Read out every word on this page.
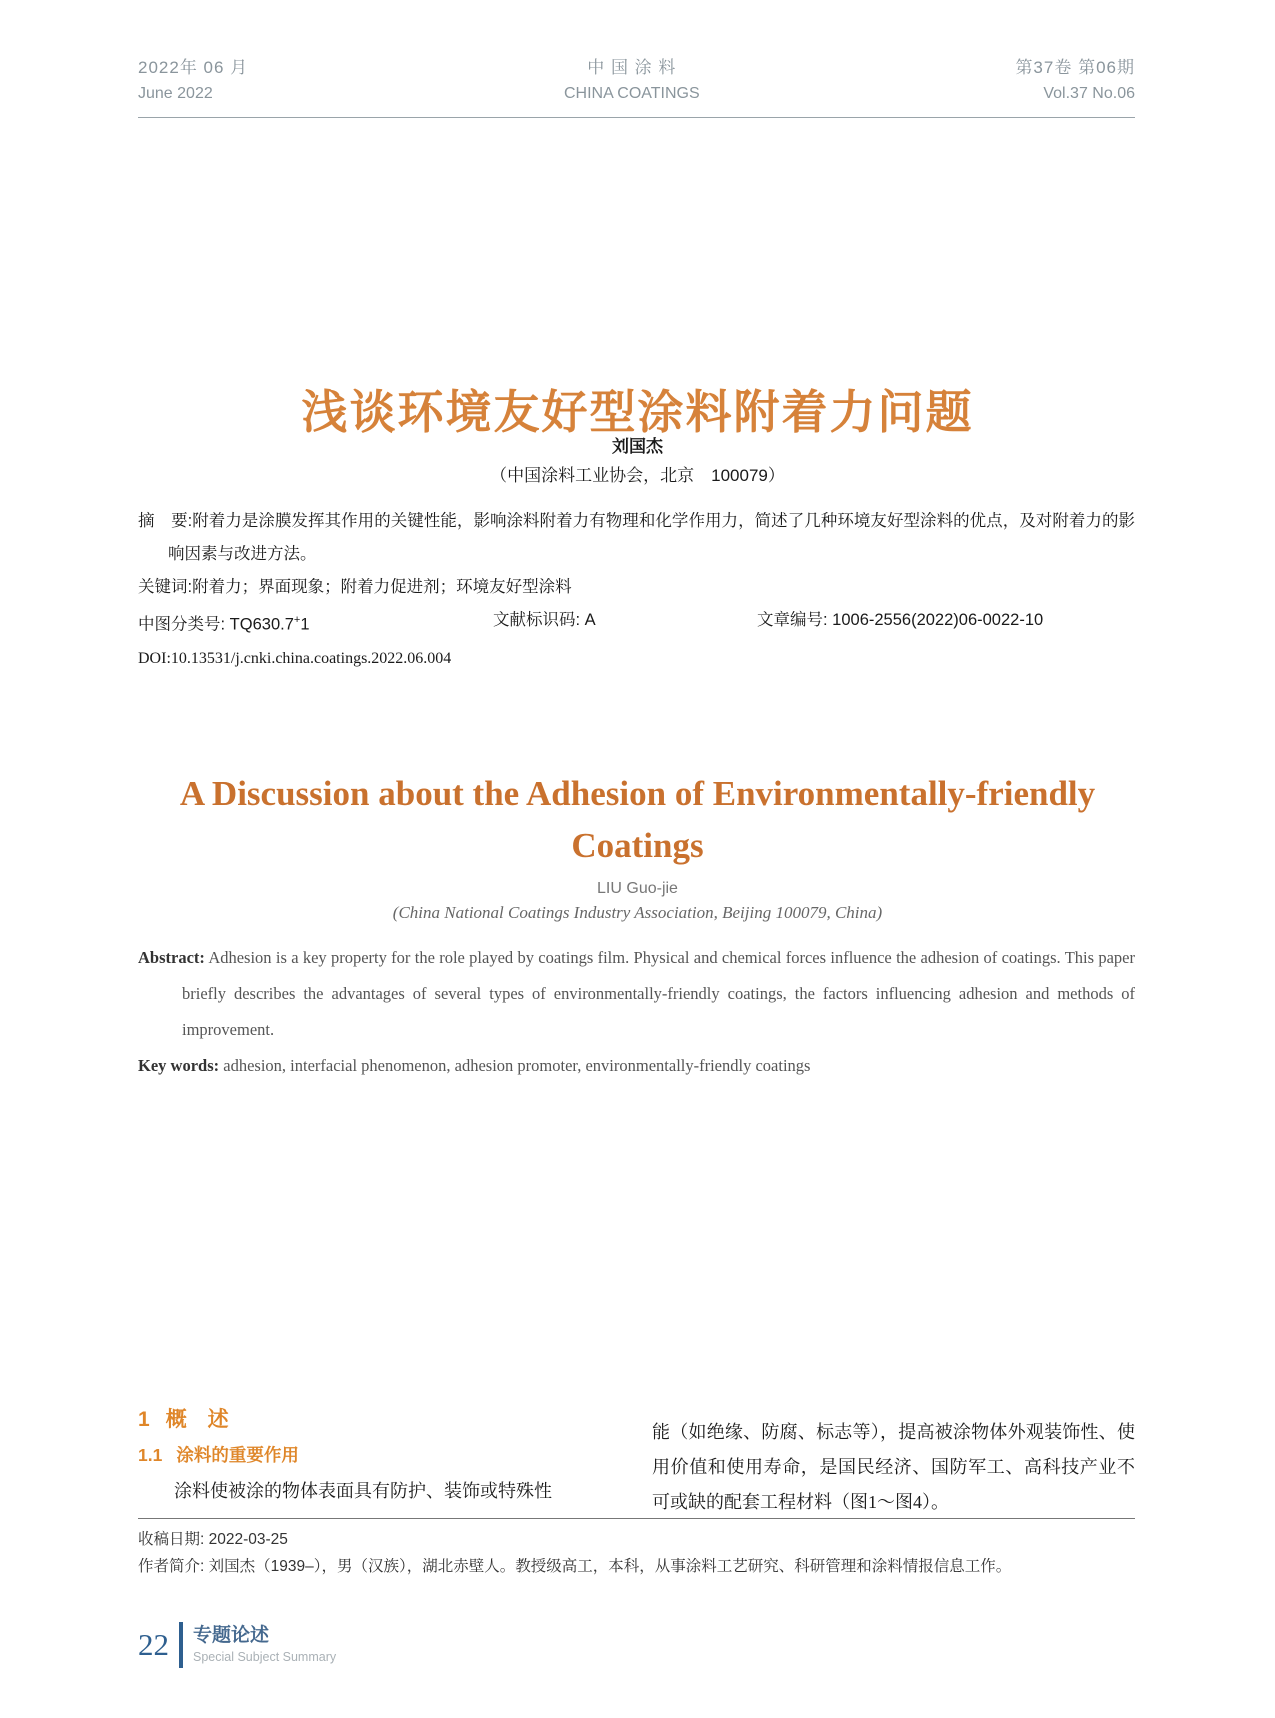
2022年 06 月
June 2022
中 国 涂 料
CHINA COATINGS
第37卷 第06期
Vol.37 No.06
浅谈环境友好型涂料附着力问题
刘国杰
（中国涂料工业协会，北京　100079）

摘　要:附着力是涂膜发挥其作用的关键性能，影响涂料附着力有物理和化学作用力，简述了几种环境友好型涂料的优点，及对附着力的影响因素与改进方法。

关键词:附着力；界面现象；附着力促进剂；环境友好型涂料

中图分类号: TQ630.7+1	文献标识码: A	文章编号: 1006-2556(2022)06-0022-10

DOI:10.13531/j.cnki.china.coatings.2022.06.004

A Discussion about the Adhesion of Environmentally-friendly
Coatings
LIU Guo-jie
(China National Coatings Industry Association, Beijing 100079, China)

Abstract: Adhesion is a key property for the role played by coatings film. Physical and chemical forces influence the adhesion of coatings. This paper briefly describes the advantages of several types of environmentally-friendly coatings, the factors influencing adhesion and methods of improvement.

Key words: adhesion, interfacial phenomenon, adhesion promoter, environmentally-friendly coatings

1 概　述
1.1 涂料的重要作用

涂料使被涂的物体表面具有防护、装饰或特殊性

能（如绝缘、防腐、标志等），提高被涂物体外观装饰性、使用价值和使用寿命，是国民经济、国防军工、高科技产业不可或缺的配套工程材料（图1～图4）。

收稿日期: 2022-03-25

作者简介: 刘国杰（1939–），男（汉族），湖北赤壁人。教授级高工，本科，从事涂料工艺研究、科研管理和涂料情报信息工作。

22 专题论述
Special Subject Summary
